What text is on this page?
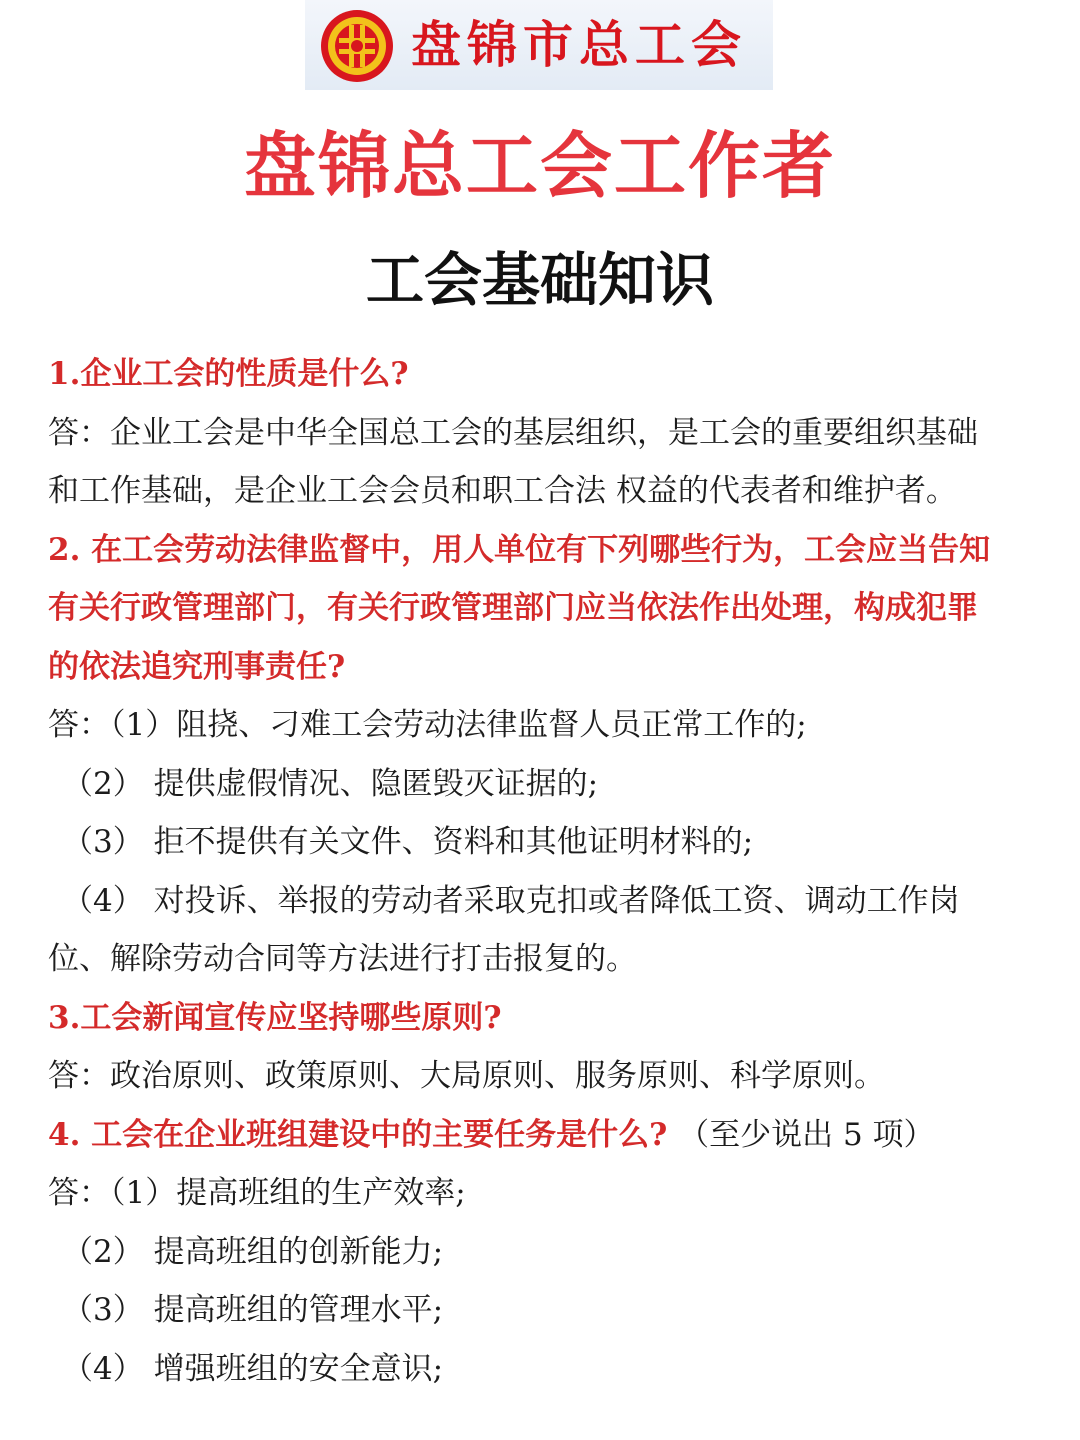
盘锦市总工会
盘锦总工会工作者
工会基础知识
1.企业工会的性质是什么?
答：企业工会是中华全国总工会的基层组织，是工会的重要组织基础
和工作基础，是企业工会会员和职工合法 权益的代表者和维护者。
2. 在工会劳动法律监督中，用人单位有下列哪些行为，工会应当告知
有关行政管理部门，有关行政管理部门应当依法作出处理，构成犯罪
的依法追究刑事责任?
答：（1）阻挠、刁难工会劳动法律监督人员正常工作的;
（2） 提供虚假情况、隐匿毁灭证据的;
（3） 拒不提供有关文件、资料和其他证明材料的;
（4） 对投诉、举报的劳动者采取克扣或者降低工资、调动工作岗
位、解除劳动合同等方法进行打击报复的。
3.工会新闻宣传应坚持哪些原则?
答：政治原则、政策原则、大局原则、服务原则、科学原则。
4. 工会在企业班组建设中的主要任务是什么? （至少说出 5 项）
答：（1）提高班组的生产效率;
（2） 提高班组的创新能力;
（3） 提高班组的管理水平;
（4） 增强班组的安全意识;
